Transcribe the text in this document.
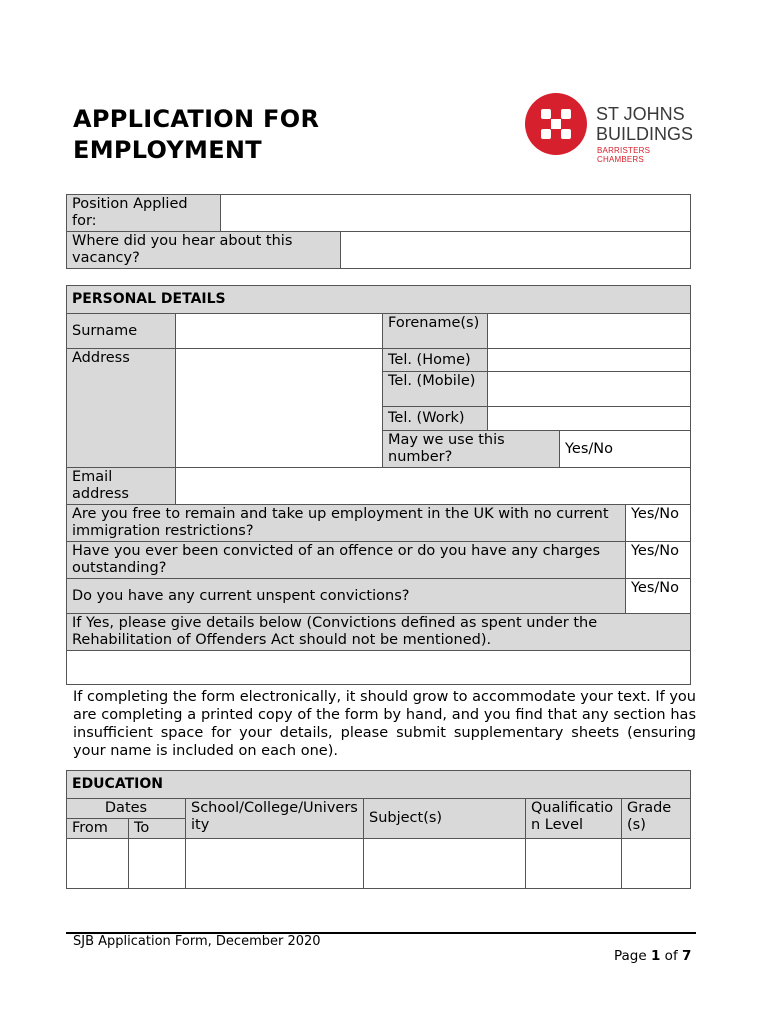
APPLICATION FOR
EMPLOYMENT
ST JOHNS
BUILDINGS
BARRISTERS CHAMBERS
Position Applied for:		
Where did you hear about this vacancy?		
PERSONAL DETAILS					
Surname		Forename(s)			
Address		Tel. (Home)			
		Tel. (Mobile)			
		Tel. (Work)			
		May we use this number?		Yes/No	
Email address					
Are you free to remain and take up employment in the UK with no current immigration restrictions?					Yes/No
Have you ever been convicted of an offence or do you have any charges outstanding?					Yes/No
Do you have any current unspent convictions?					Yes/No
If Yes, please give details below (Convictions defined as spent under the Rehabilitation of Offenders Act should not be mentioned).					

If completing the form electronically, it should grow to accommodate your text. If you are completing a printed copy of the form by hand, and you find that any section has insufficient space for your details, please submit supplementary sheets (ensuring your name is included on each one).
EDUCATION					
Dates		School/College/University	Subject(s)	Qualification Level	Grade(s)
From	To				

SJB Application Form, December 2020
Page 1 of 7
